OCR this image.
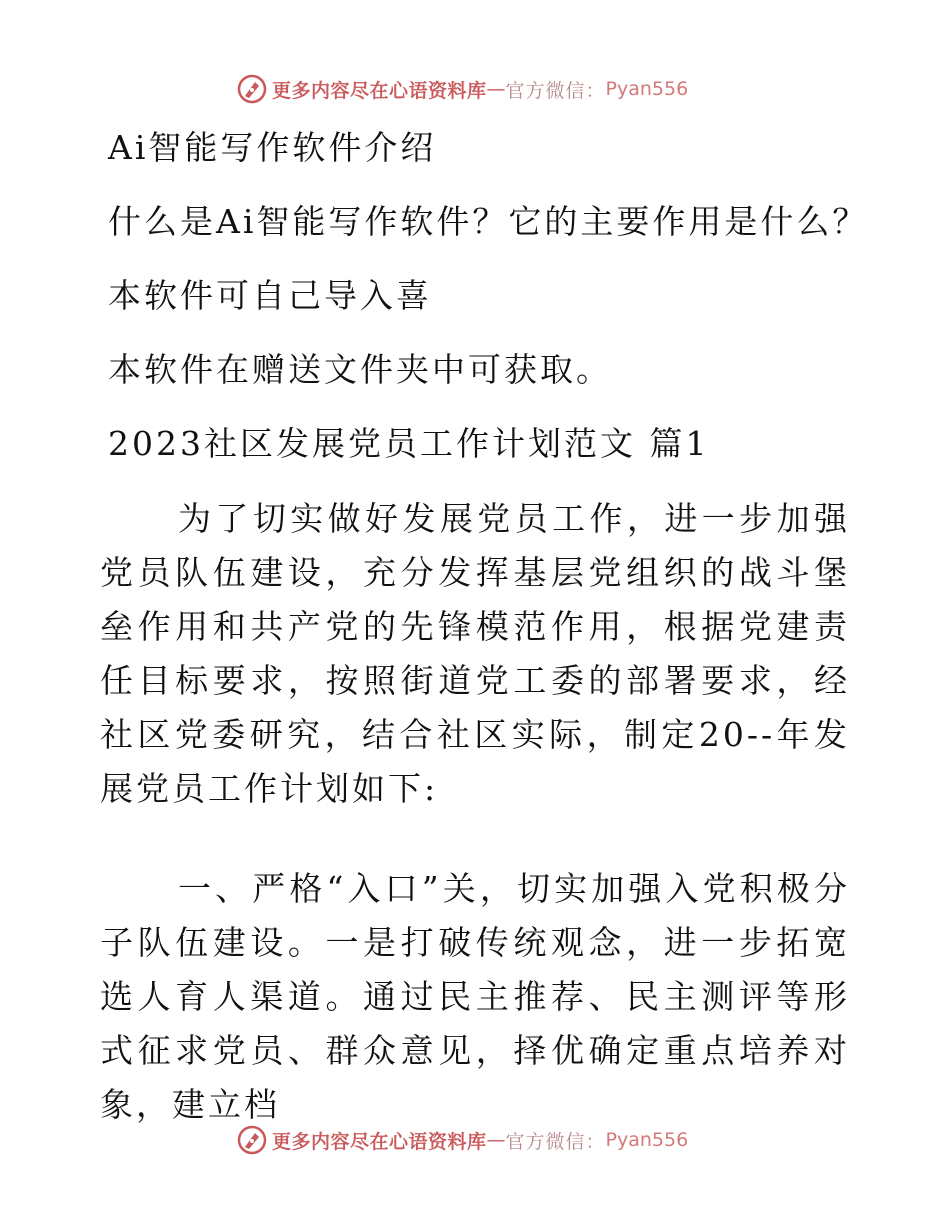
更多内容尽在心语资料库 — 官方微信： Pyan556
Ai智能写作软件介绍
什么是Ai智能写作软件？它的主要作用是什么？
本软件可自己导入喜
本软件在赠送文件夹中可获取。
2023社区发展党员工作计划范文 篇1

为了切实做好发展党员工作，进一步加强党员队伍建设，充分发挥基层党组织的战斗堡垒作用和共产党的先锋模范作用，根据党建责任目标要求，按照街道党工委的部署要求，经社区党委研究，结合社区实际，制定20--年发展党员工作计划如下:

一、严格“入口”关，切实加强入党积极分子队伍建设。一是打破传统观念，进一步拓宽选人育人渠道。通过民主推荐、民主测评等形式征求党员、群众意见，择优确定重点培养对象，建立档

更多内容尽在心语资料库 — 官方微信： Pyan556
